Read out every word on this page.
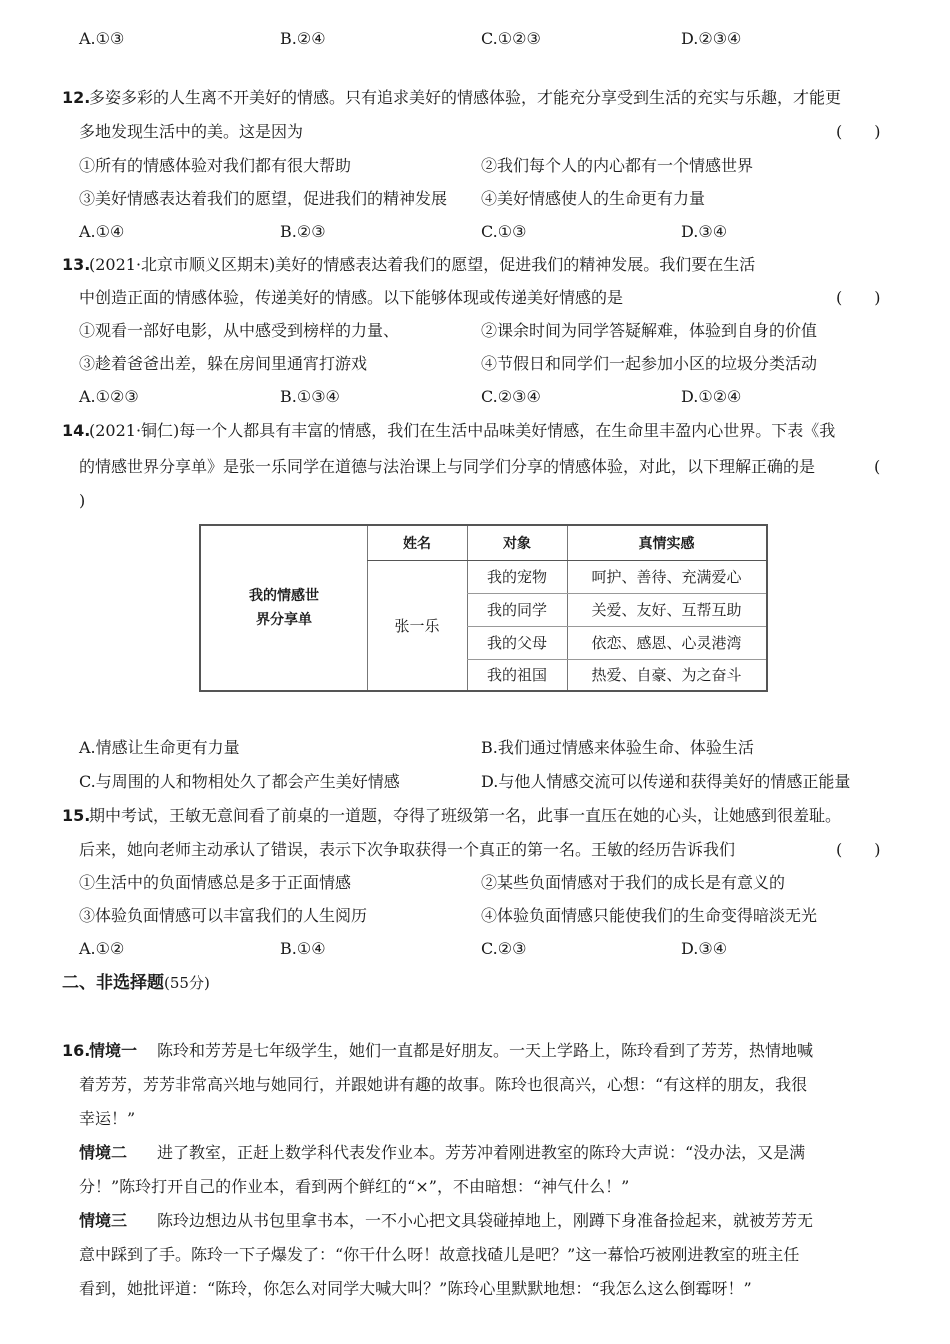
A.①③	B.②④	C.①②③	D.②③④
12.
多姿多彩的人生离不开美好的情感。只有追求美好的情感体验，才能充分享受到生活的充实与乐趣，才能更
多地发现生活中的美。这是因为	(　　)
①所有的情感体验对我们都有很大帮助	②我们每个人的内心都有一个情感世界
③美好情感表达着我们的愿望，促进我们的精神发展 ④美好情感使人的生命更有力量
A.①④	B.②③	C.①③	D.③④
13.
(2021·北京市顺义区期末)美好的情感表达着我们的愿望，促进我们的精神发展。我们要在生活
中创造正面的情感体验，传递美好的情感。以下能够体现或传递美好情感的是	(　　)
①观看一部好电影，从中感受到榜样的力量、	②课余时间为同学答疑解难，体验到自身的价值
③趁着爸爸出差，躲在房间里通宵打游戏	④节假日和同学们一起参加小区的垃圾分类活动
A.①②③	B.①③④	C.②③④	D.①②④
14.
(2021·铜仁)每一个人都具有丰富的情感，我们在生活中品味美好情感，在生命里丰盈内心世界。下表《我
的情感世界分享单》是张一乐同学在道德与法治课上与同学们分享的情感体验，对此，以下理解正确的是	(
)
我的情感世
界分享单
姓名	对象	真情实感
张一乐
我的宠物	呵护、善待、充满爱心
我的同学	关爱、友好、互帮互助
我的父母	依恋、感恩、心灵港湾
我的祖国	热爱、自豪、为之奋斗
A.情感让生命更有力量	B.我们通过情感来体验生命、体验生活
C.与周围的人和物相处久了都会产生美好情感	D.与他人情感交流可以传递和获得美好的情感正能量
15.
期中考试，王敏无意间看了前桌的一道题，夺得了班级第一名，此事一直压在她的心头，让她感到很羞耻。
后来，她向老师主动承认了错误，表示下次争取获得一个真正的第一名。王敏的经历告诉我们	(　　)
①生活中的负面情感总是多于正面情感	②某些负面情感对于我们的成长是有意义的
③体验负面情感可以丰富我们的人生阅历	④体验负面情感只能使我们的生命变得暗淡无光
A.①②	B.①④	C.②③	D.③④
二、非选择题(55分)
16.
情境一 陈玲和芳芳是七年级学生，她们一直都是好朋友。一天上学路上，陈玲看到了芳芳，热情地喊
着芳芳，芳芳非常高兴地与她同行，并跟她讲有趣的故事。陈玲也很高兴，心想：“有这样的朋友，我很
幸运！”
情境二 进了教室，正赶上数学科代表发作业本。芳芳冲着刚进教室的陈玲大声说：“没办法，又是满
分！”陈玲打开自己的作业本，看到两个鲜红的“×”，不由暗想：“神气什么！”
情境三 陈玲边想边从书包里拿书本，一不小心把文具袋碰掉地上，刚蹲下身准备捡起来，就被芳芳无
意中踩到了手。陈玲一下子爆发了：“你干什么呀！故意找碴儿是吧？”这一幕恰巧被刚进教室的班主任
看到，她批评道：“陈玲，你怎么对同学大喊大叫？”陈玲心里默默地想：“我怎么这么倒霉呀！”
